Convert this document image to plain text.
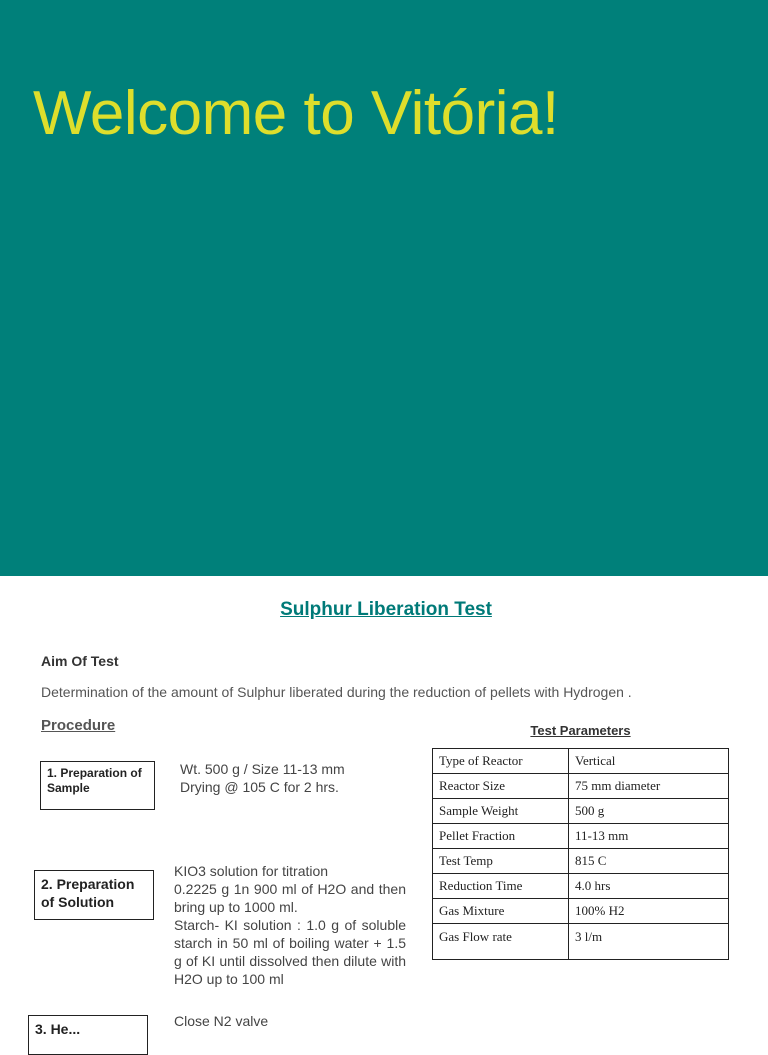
Welcome to Vitória!
Sulphur Liberation Test
Aim Of Test
Determination of the amount of Sulphur liberated during the reduction of pellets with Hydrogen .
Procedure
1. Preparation of Sample
Wt. 500 g / Size 11-13 mm Drying @ 105 C for 2 hrs.
2. Preparation of Solution
KIO3 solution for titration
0.2225 g 1n 900 ml of H2O and then bring up to 1000 ml.
Starch- KI solution : 1.0 g of soluble starch in 50 ml of boiling water + 1.5 g of KI until dissolved then dilute with H2O up to 100 ml
3. He...	Close N2 valve
Test Parameters
Type of Reactor	Vertical
Reactor Size	75 mm diameter
Sample Weight	500 g
Pellet Fraction	11-13 mm
Test Temp	815 C
Reduction Time	4.0 hrs
Gas Mixture	100% H2
Gas Flow rate	3 l/m
